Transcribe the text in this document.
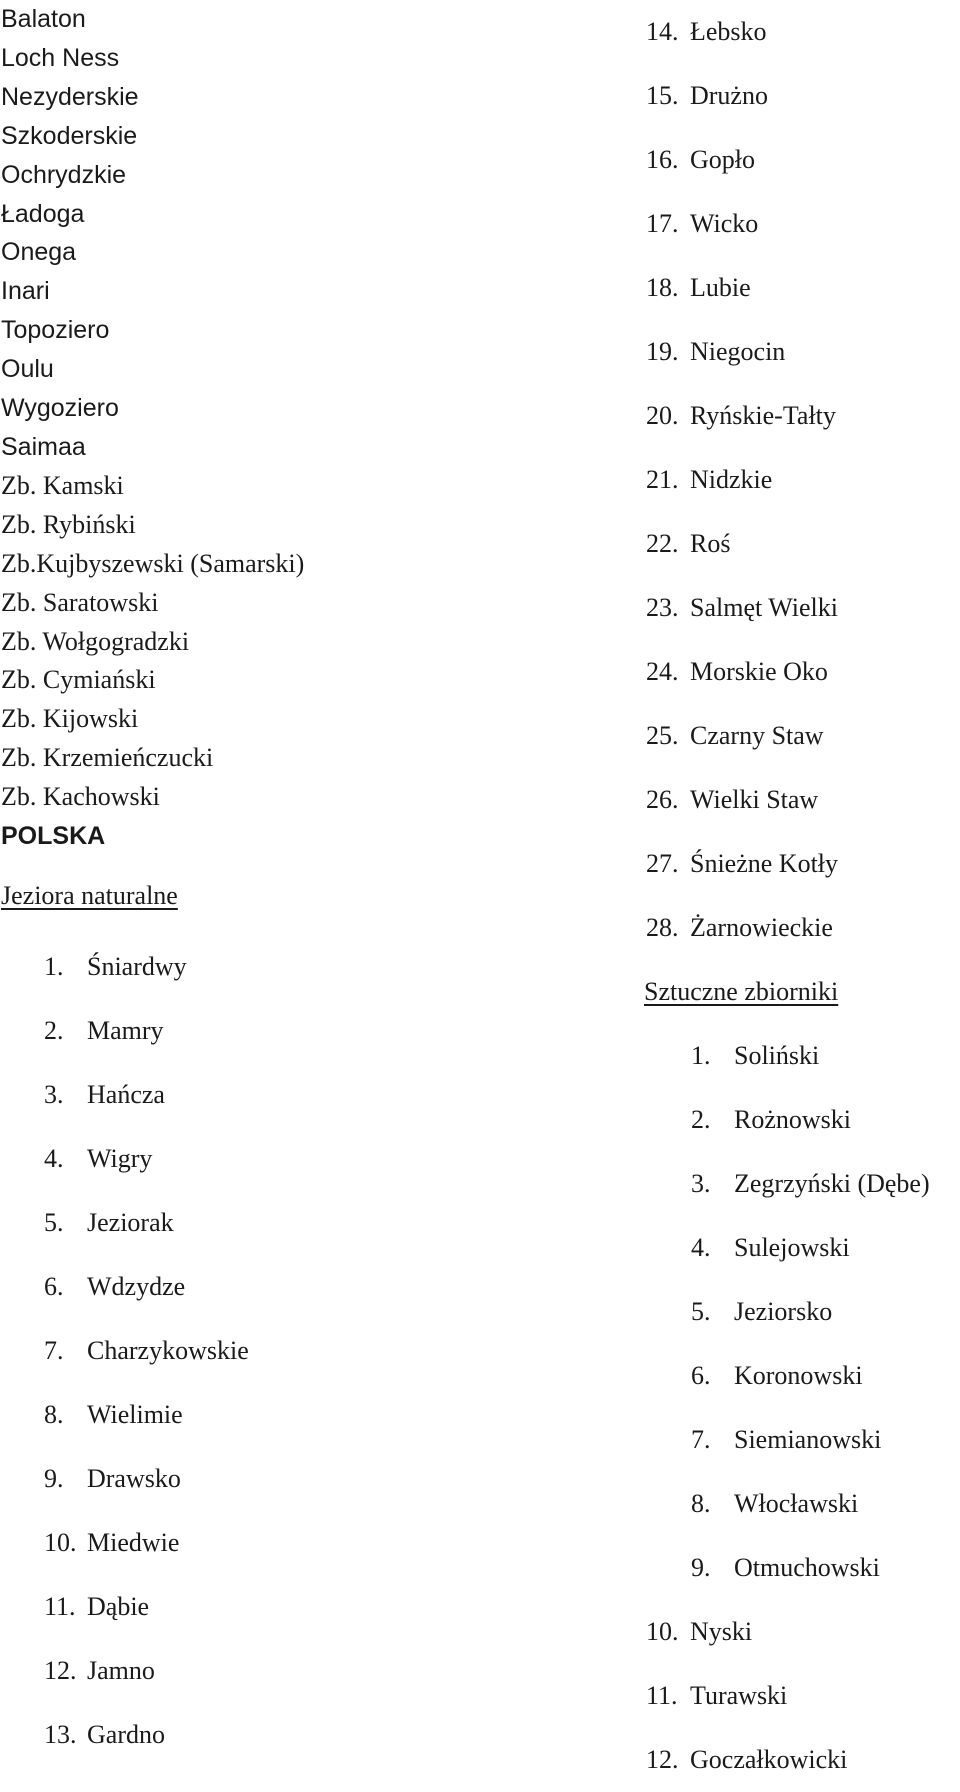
Balaton
Loch Ness
Nezyderskie
Szkoderskie
Ochrydzkie
Ładoga
Onega
Inari
Topoziero
Oulu
Wygoziero
Saimaa
Zb. Kamski
Zb. Rybiński
Zb.Kujbyszewski (Samarski)
Zb. Saratowski
Zb. Wołgogradzki
Zb. Cymiański
Zb. Kijowski
Zb. Krzemieńczucki
Zb. Kachowski
POLSKA
Jeziora naturalne
1. Śniardwy
2. Mamry
3. Hańcza
4. Wigry
5. Jeziorak
6. Wdzydze
7. Charzykowskie
8. Wielimie
9. Drawsko
10. Miedwie
11. Dąbie
12. Jamno
13. Gardno
14. Łebsko
15. Drużno
16. Gopło
17. Wicko
18. Lubie
19. Niegocin
20. Ryńskie-Tałty
21. Nidzkie
22. Roś
23. Salmęt Wielki
24. Morskie Oko
25. Czarny Staw
26. Wielki Staw
27. Śnieżne Kotły
28. Żarnowieckie
Sztuczne zbiorniki
1. Soliński
2. Rożnowski
3. Zegrzyński (Dębe)
4. Sulejowski
5. Jeziorsko
6. Koronowski
7. Siemianowski
8. Włocławski
9. Otmuchowski
10. Nyski
11. Turawski
12. Goczałkowicki
